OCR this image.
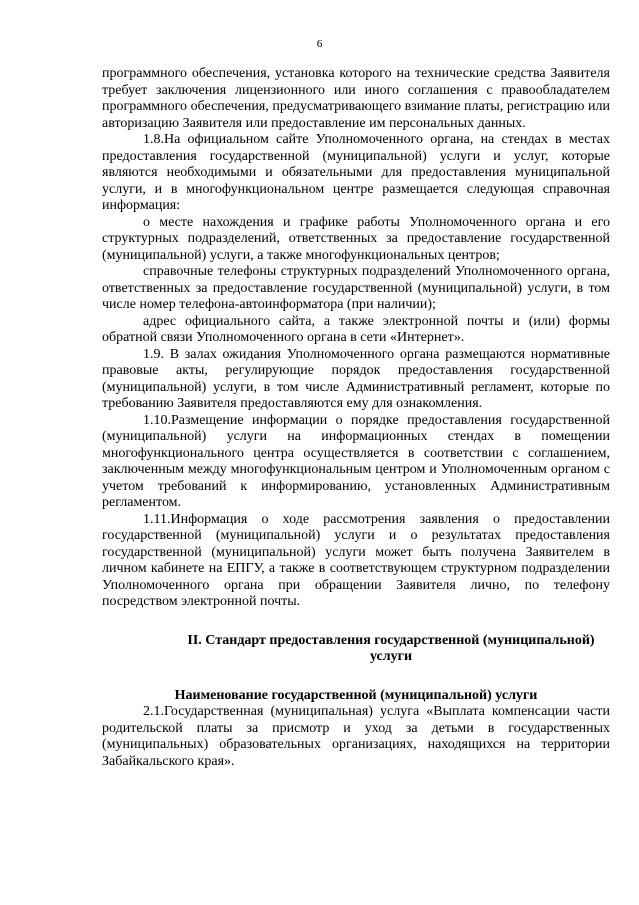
6

программного обеспечения, установка которого на технические средства Заявителя требует заключения лицензионного или иного соглашения с правообладателем программного обеспечения, предусматривающего взимание платы, регистрацию или авторизацию Заявителя или предоставление им персональных данных.

1.8.На официальном сайте Уполномоченного органа, на стендах в местах предоставления государственной (муниципальной) услуги и услуг, которые являются необходимыми и обязательными для предоставления муниципальной услуги, и в многофункциональном центре размещается следующая справочная информация:

о месте нахождения и графике работы Уполномоченного органа и его структурных подразделений, ответственных за предоставление государственной (муниципальной) услуги, а также многофункциональных центров;

справочные телефоны структурных подразделений Уполномоченного органа, ответственных за предоставление государственной (муниципальной) услуги, в том числе номер телефона-автоинформатора (при наличии);

адрес официального сайта, а также электронной почты и (или) формы обратной связи Уполномоченного органа в сети «Интернет».

1.9. В залах ожидания Уполномоченного органа размещаются нормативные правовые акты, регулирующие порядок предоставления государственной (муниципальной) услуги, в том числе Административный регламент, которые по требованию Заявителя предоставляются ему для ознакомления.

1.10.Размещение информации о порядке предоставления государственной (муниципальной) услуги на информационных стендах в помещении многофункционального центра осуществляется в соответствии с соглашением, заключенным между многофункциональным центром и Уполномоченным органом с учетом требований к информированию, установленных Административным регламентом.

1.11.Информация о ходе рассмотрения заявления о предоставлении государственной (муниципальной) услуги и о результатах предоставления государственной (муниципальной) услуги может быть получена Заявителем в личном кабинете на ЕПГУ, а также в соответствующем структурном подразделении Уполномоченного органа при обращении Заявителя лично, по телефону посредством электронной почты.

II. Стандарт предоставления государственной (муниципальной) услуги

Наименование государственной (муниципальной) услуги

2.1.Государственная (муниципальная) услуга «Выплата компенсации части родительской платы за присмотр и уход за детьми в государственных (муниципальных) образовательных организациях, находящихся на территории Забайкальского края».
